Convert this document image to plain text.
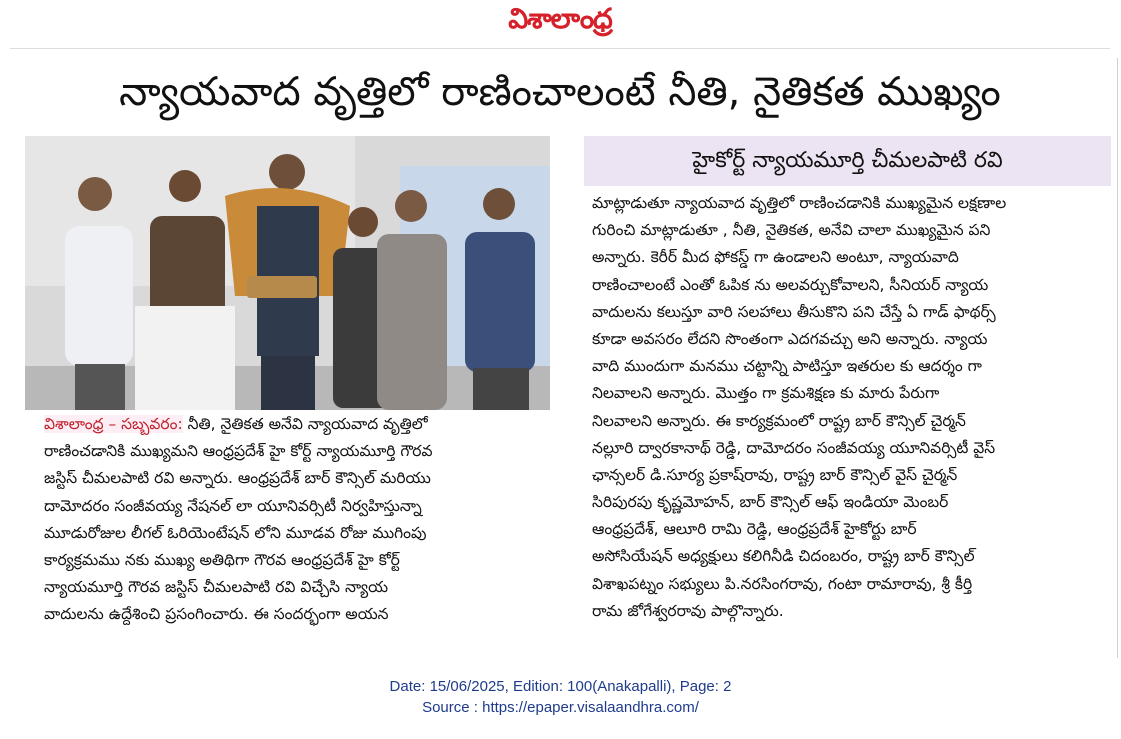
విశాలాంధ్ర
న్యాయవాద వృత్తిలో రాణించాలంటే నీతి, నైతికత ముఖ్యం
హైకోర్ట్ న్యాయమూర్తి చీమలపాటి రవి
మాట్లాడుతూ న్యాయవాద వృత్తిలో రాణించడానికి ముఖ్యమైన లక్షణాల
గురించి మాట్లాడుతూ , నీతి, నైతికత, అనేవి చాలా ముఖ్యమైన పని
అన్నారు. కెరీర్ మీద ఫోకస్డ్ గా ఉండాలని అంటూ, న్యాయవాది
రాణించాలంటే ఎంతో ఓపిక ను అలవర్చుకోవాలని, సీనియర్ న్యాయ
వాదులను కలుస్తూ వారి సలహాలు తీసుకొని పని చేస్తే ఏ గాడ్ ఫాథర్స్
కూడా అవసరం లేదని సొంతంగా ఎదగవచ్చు అని అన్నారు. న్యాయ
వాది ముందుగా మనము చట్టాన్ని పాటిస్తూ ఇతరుల కు ఆదర్శం గా
నిలవాలని అన్నారు. మొత్తం గా క్రమశిక్షణ కు మారు పేరుగా
నిలవాలని అన్నారు. ఈ కార్యక్రమంలో రాష్ట్ర బార్ కౌన్సిల్ చైర్మన్
నల్లూరి ద్వారకానాథ్ రెడ్డి, దామోదరం సంజీవయ్య యూనివర్సిటీ వైస్
ఛాన్సలర్ డి.సూర్య ప్రకాష్‌రావు, రాష్ట్ర బార్ కౌన్సిల్ వైస్ చైర్మన్
సిరిపురపు కృష్ణమోహన్, బార్ కౌన్సిల్ ఆఫ్ ఇండియా మెంబర్
ఆంధ్రప్రదేశ్, ఆలూరి రామి రెడ్డి, ఆంధ్రప్రదేశ్ హైకోర్టు బార్
అసోసియేషన్ అధ్యక్షులు కలిగినీడి చిదంబరం, రాష్ట్ర బార్ కౌన్సిల్
విశాఖపట్నం సభ్యులు పి.నరసింగరావు, గంటా రామారావు, శ్రీ కీర్తి
రామ జోగేశ్వరరావు పాల్గొన్నారు.
విశాలాంధ్ర – సబ్బవరం: నీతి, నైతికత అనేవి న్యాయవాద వృత్తిలో
రాణించడానికి ముఖ్యమని ఆంధ్రప్రదేశ్ హై కోర్ట్ న్యాయమూర్తి గౌరవ
జస్టిస్ చీమలపాటి రవి అన్నారు. ఆంధ్రప్రదేశ్ బార్ కౌన్సిల్ మరియు
దామోదరం సంజీవయ్య నేషనల్ లా యూనివర్సిటీ నిర్వహిస్తున్నా
మూడురోజుల లీగల్ ఓరియెంటేషన్ లోని మూడవ రోజు ముగింపు
కార్యక్రమము నకు ముఖ్య అతిథిగా గౌరవ ఆంధ్రప్రదేశ్ హై కోర్ట్
న్యాయమూర్తి గౌరవ జస్టిస్ చీమలపాటి రవి విచ్చేసి న్యాయ
వాదులను ఉద్దేశించి ప్రసంగించారు. ఈ సందర్భంగా అయన
Date: 15/06/2025, Edition: 100(Anakapalli), Page: 2
Source : https://epaper.visalaandhra.com/
